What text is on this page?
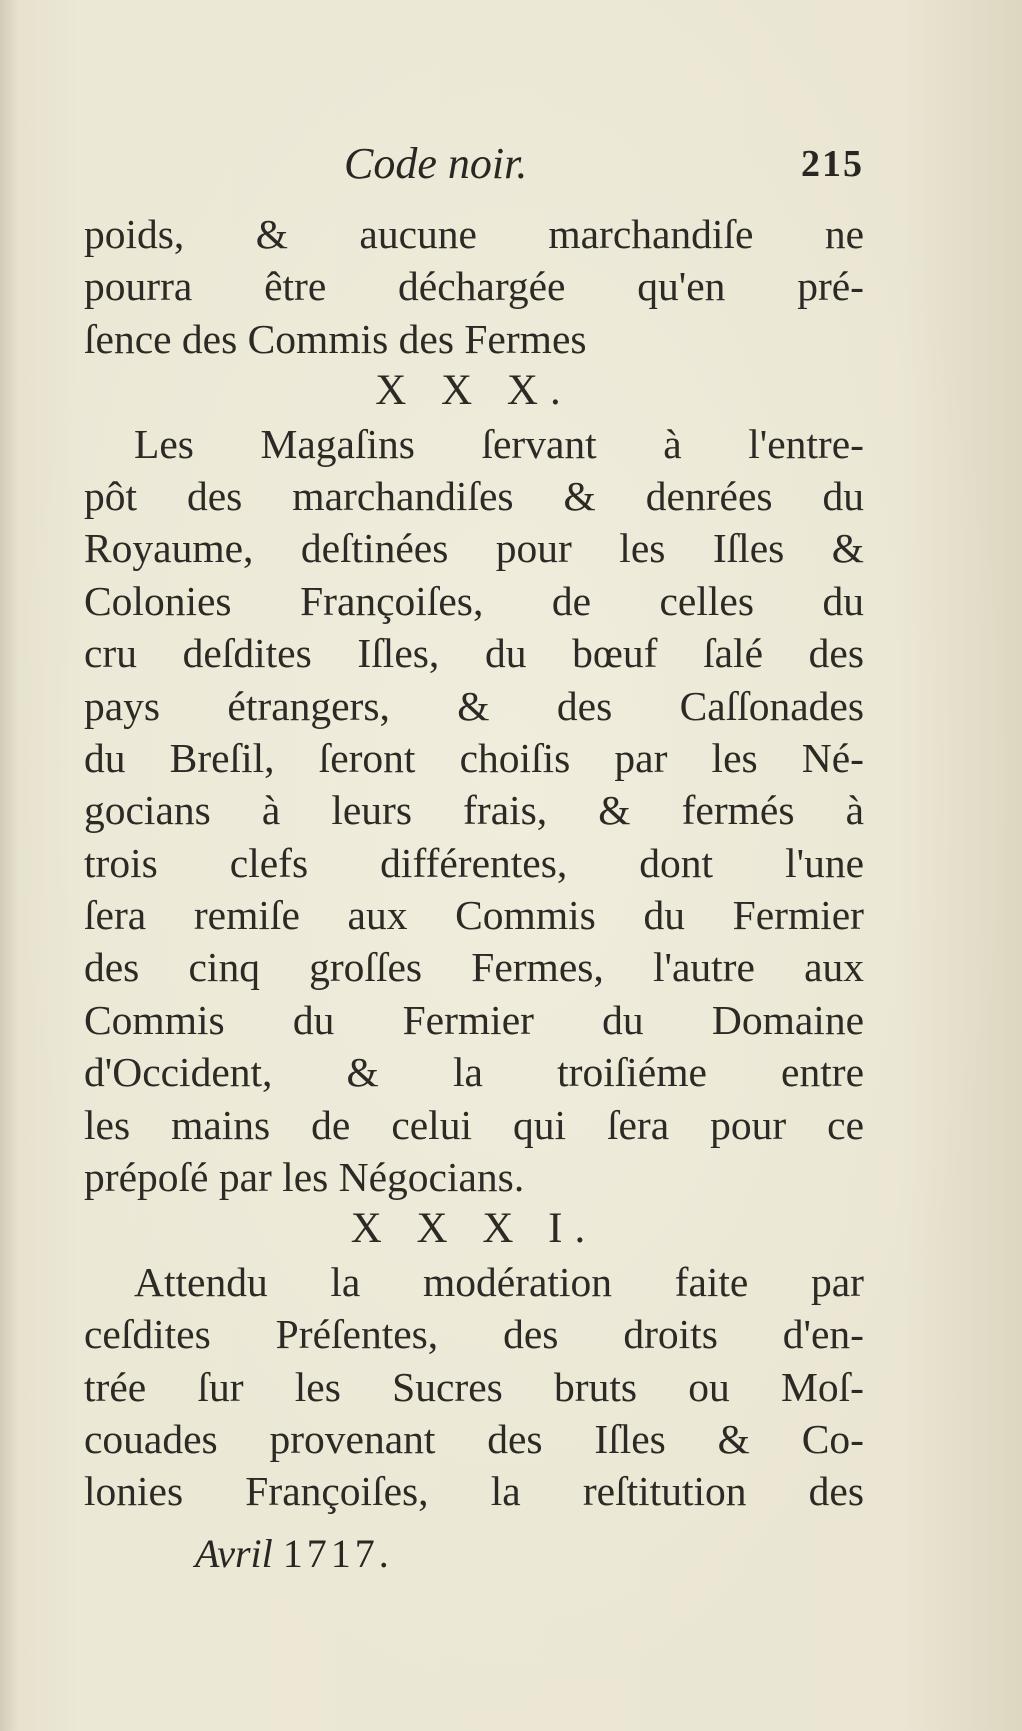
Code noir.	215
poids, & aucune marchandiſe ne
pourra être déchargée qu'en pré-
ſence des Commis des Fermes
X X X.
Les Magaſins ſervant à l'entre-
pôt des marchandiſes & denrées du
Royaume, deſtinées pour les Iſles &
Colonies Françoiſes, de celles du
cru deſdites Iſles, du bœuf ſalé des
pays étrangers, & des Caſſonades
du Breſil, ſeront choiſis par les Né-
gocians à leurs frais, & fermés à
trois clefs différentes, dont l'une
ſera remiſe aux Commis du Fermier
des cinq groſſes Fermes, l'autre aux
Commis du Fermier du Domaine
d'Occident, & la troiſiéme entre
les mains de celui qui ſera pour ce
prépoſé par les Négocians.
X X X I.
Attendu la modération faite par
ceſdites Préſentes, des droits d'en-
trée ſur les Sucres bruts ou Moſ-
couades provenant des Iſles & Co-
lonies Françoiſes, la reſtitution des
Avril 1717.
